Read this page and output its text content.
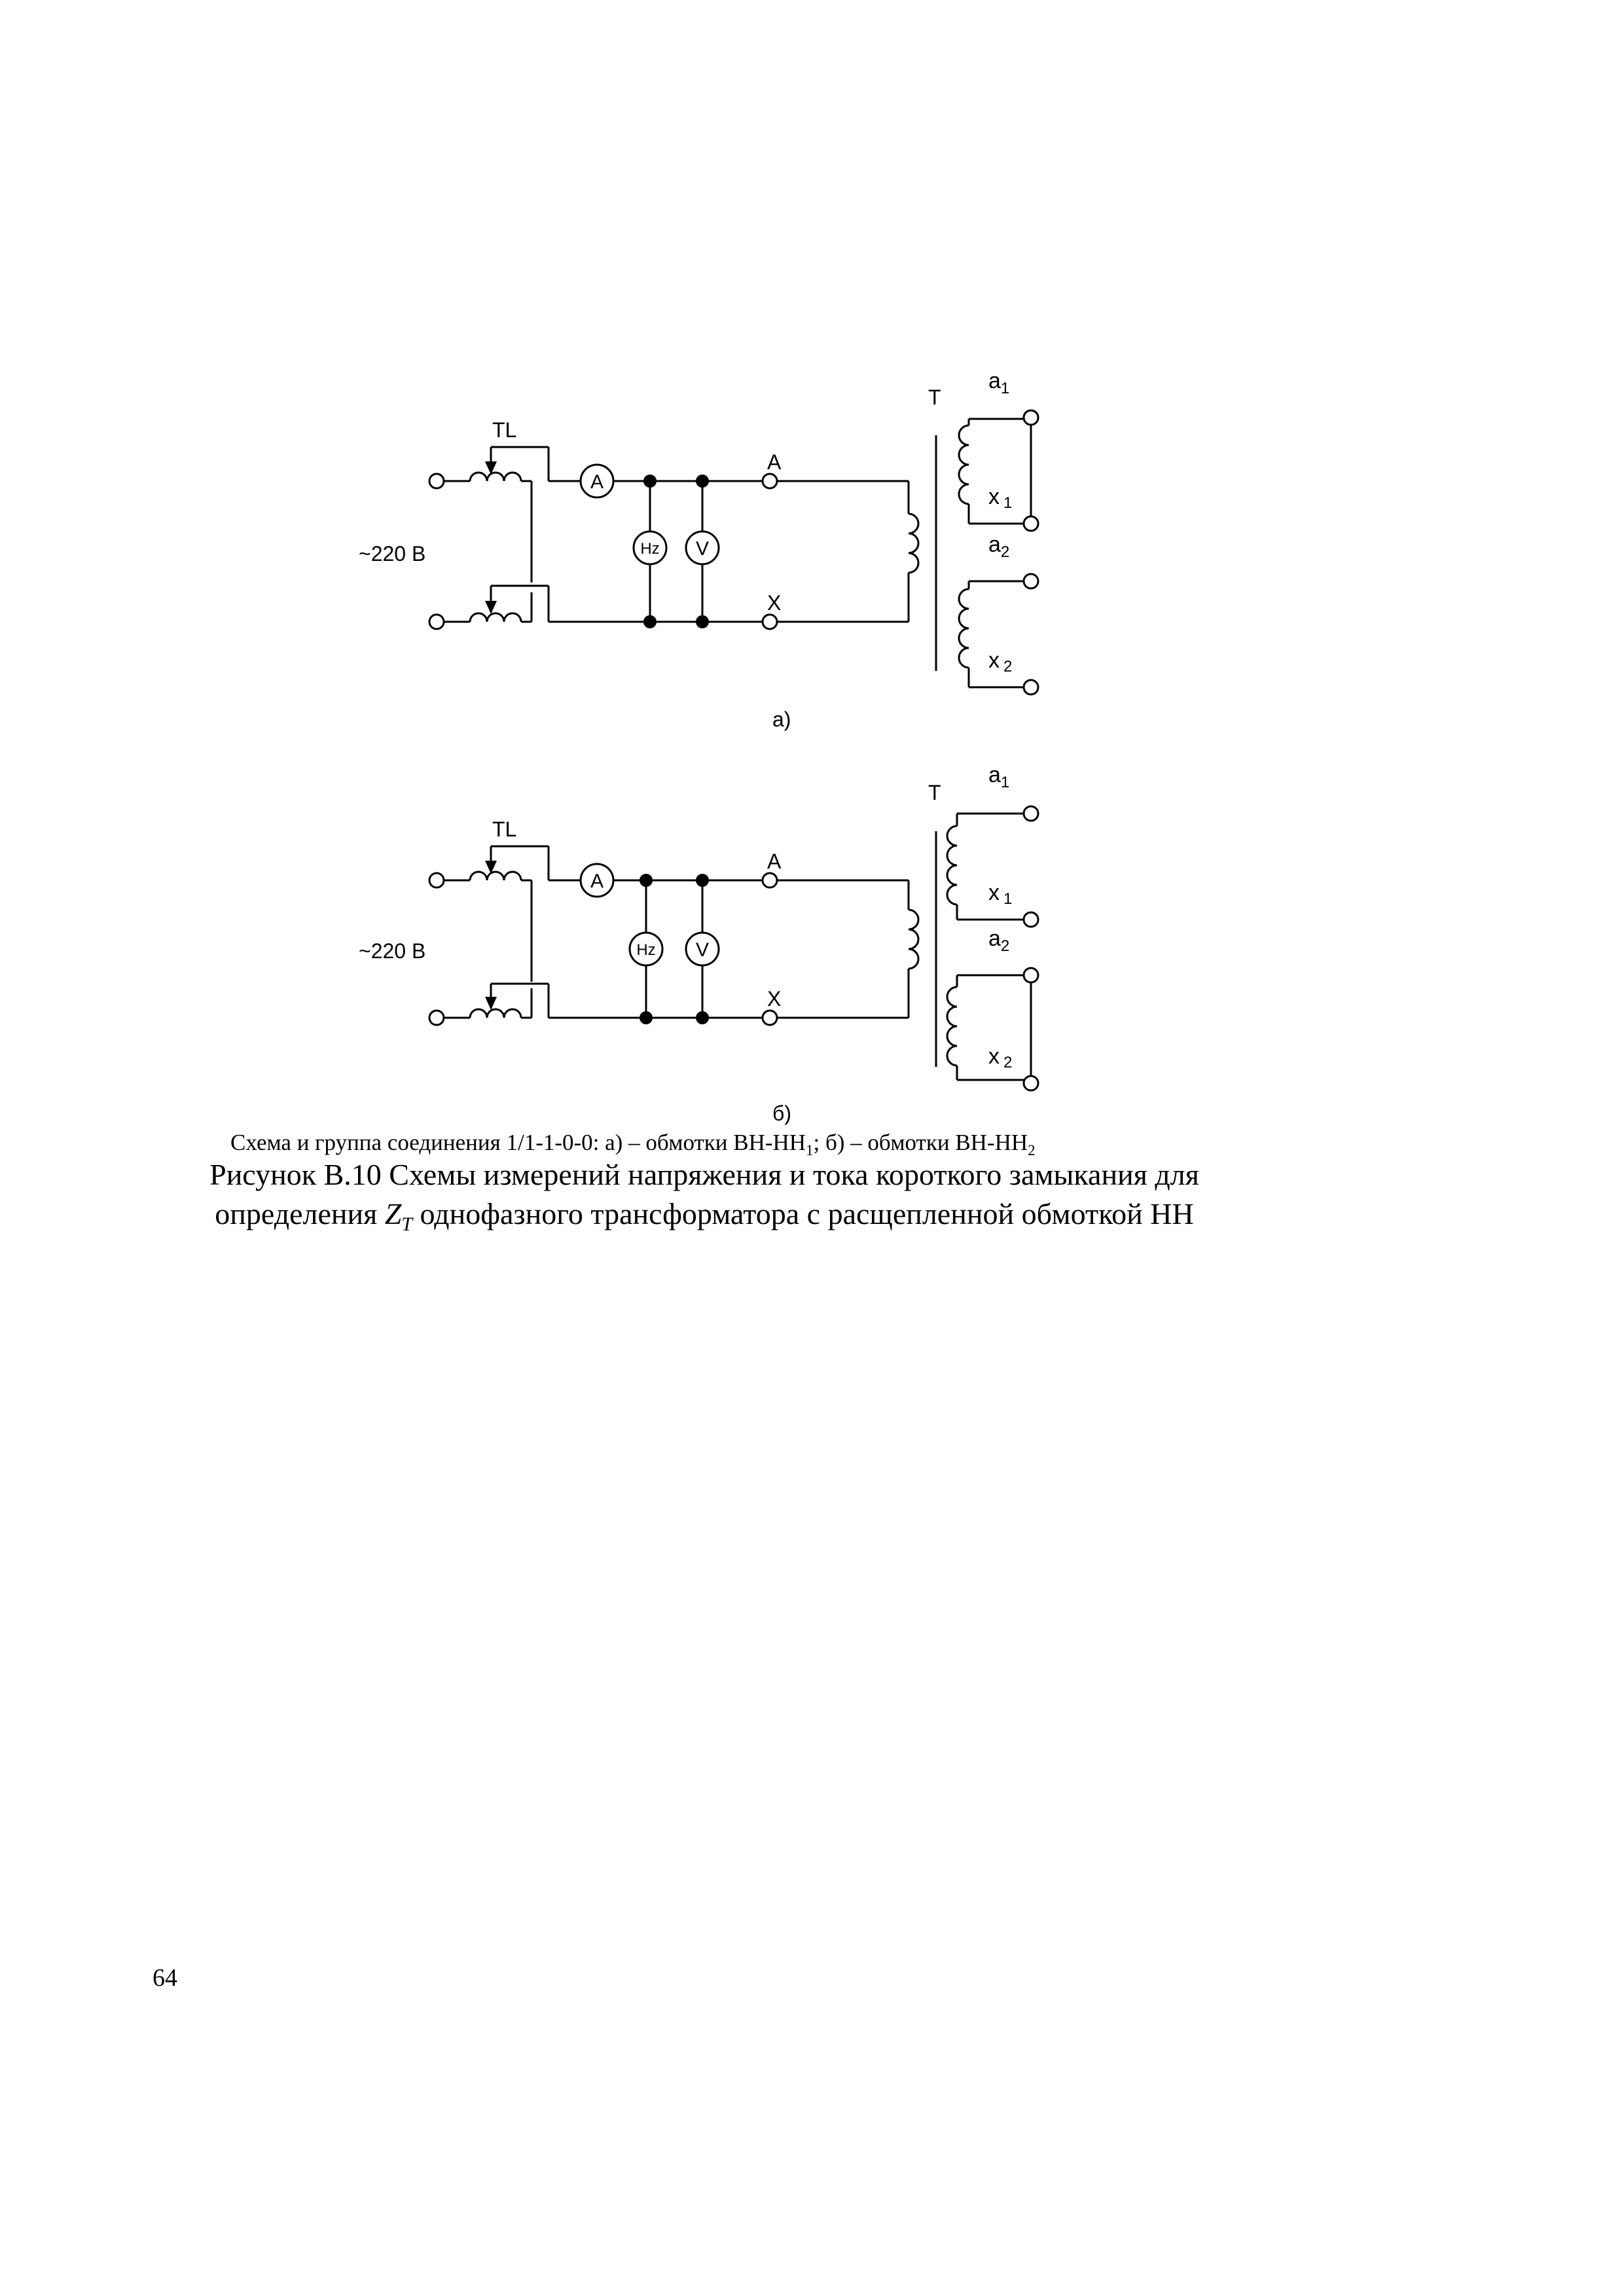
TL
~220 В
A
Hz V
A
X
T
$a_1$
x 1
$a_2$
x 2
а)
TL
~220 В
A
Hz V
A
X
T
$a_1$
x 1
$a_2$
x 2
б)
Схема и группа соединения 1/1-1-0-0: а) – обмотки $ВН-НН_1$; б) – обмотки $ВН-НН_2$
Рисунок В.10 Схемы измерений напряжения и тока короткого замыкания для
определения $Z_T$ однофазного трансформатора с расщепленной обмоткой НН
64
